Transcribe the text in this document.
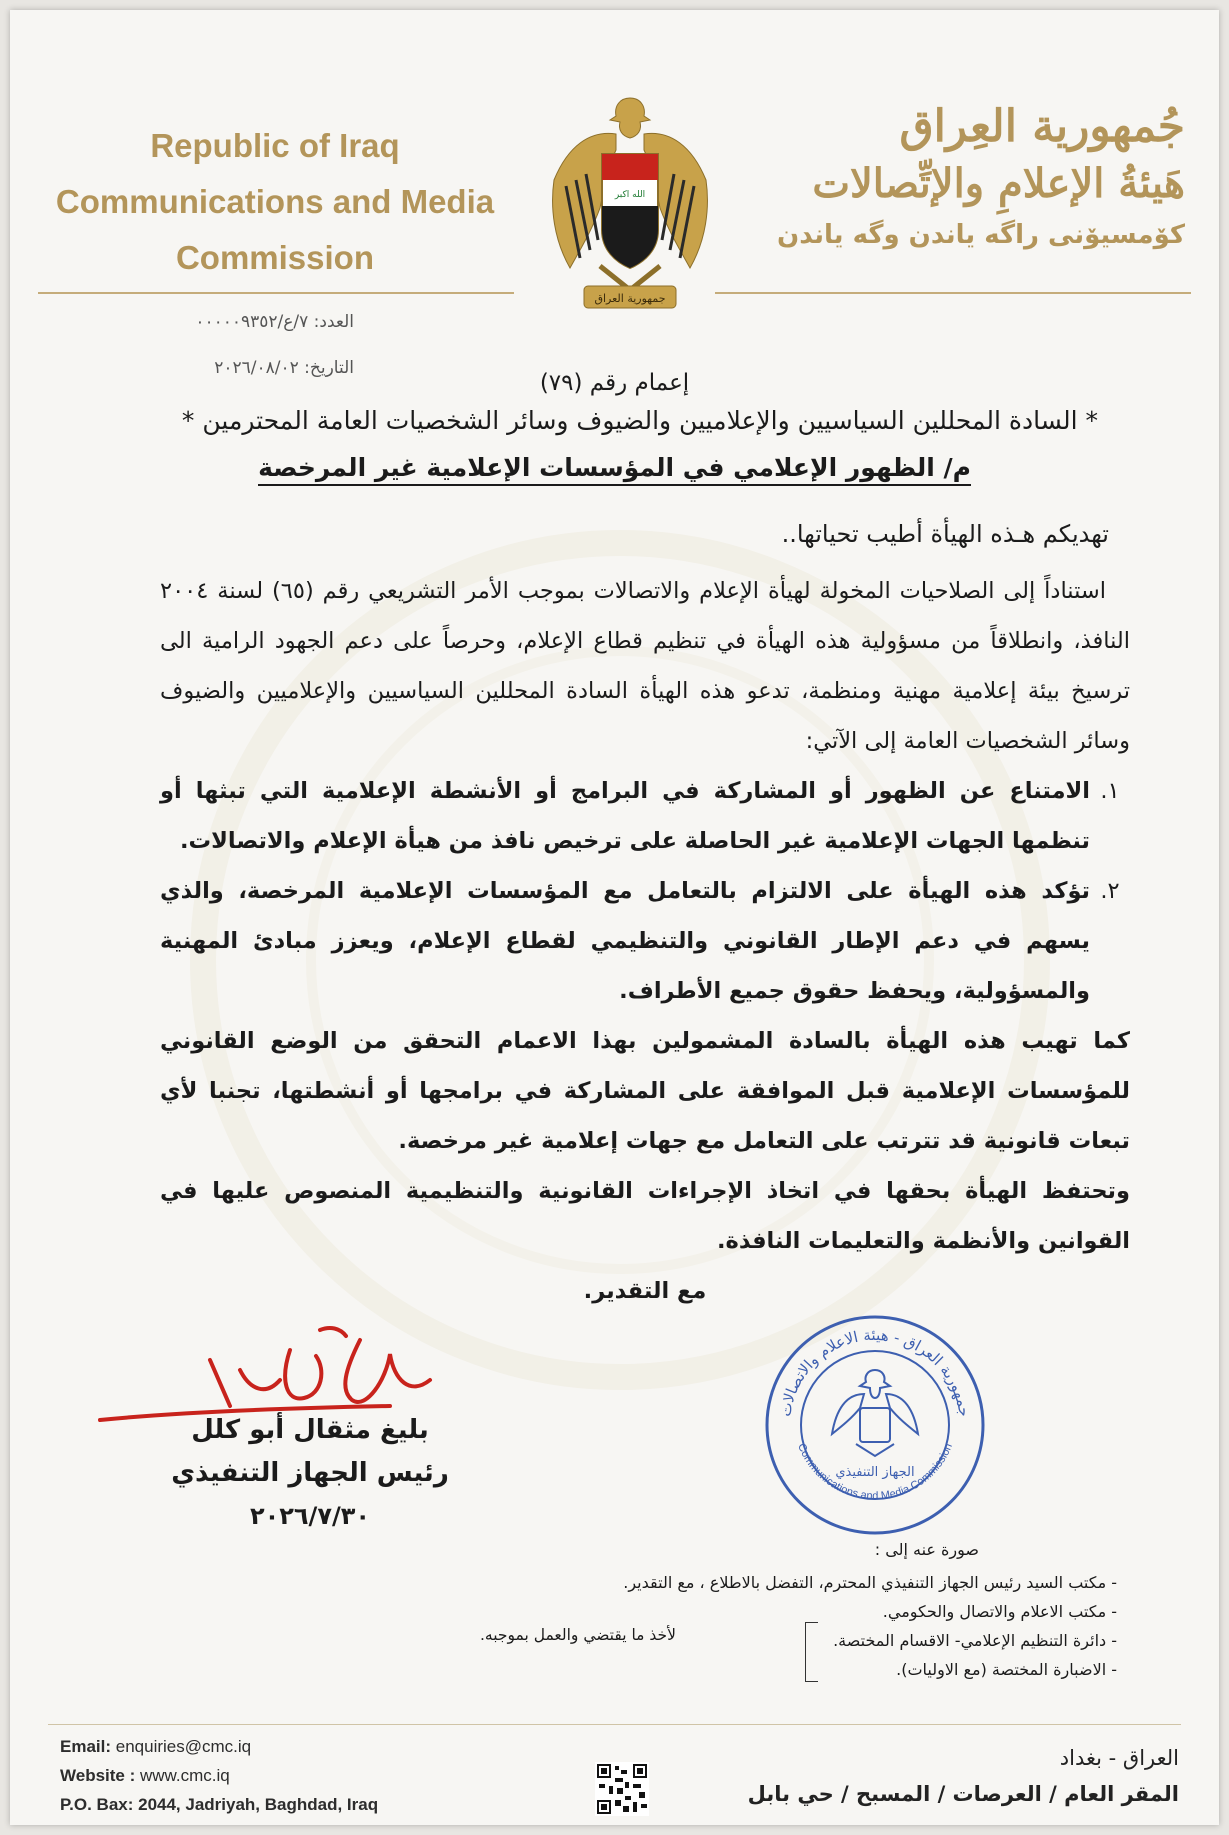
Republic of Iraq
Communications and Media
Commission
الله اكبر
جمهورية العراق
جُمهورية العِراق
هَيئةُ الإعلامِ والإتِّصالات
کۆمسیۆنی راگە یاندن وگە یاندن
العدد: ٧/ع/٠٠٠٠٠٩٣٥٢
التاريخ: ٢٠٢٦/٠٨/٠٢
إعمام رقم (٧٩)
* السادة المحللين السياسيين والإعلاميين والضيوف وسائر الشخصيات العامة المحترمين *
م/ الظهور الإعلامي في المؤسسات الإعلامية غير المرخصة
تهديكم هـذه الهيأة أطيب تحياتها..

استناداً إلى الصلاحيات المخولة لهيأة الإعلام والاتصالات بموجب الأمر التشريعي رقم (٦٥) لسنة ٢٠٠٤ النافذ، وانطلاقاً من مسؤولية هذه الهيأة في تنظيم قطاع الإعلام، وحرصاً على دعم الجهود الرامية الى ترسيخ بيئة إعلامية مهنية ومنظمة، تدعو هذه الهيأة السادة المحللين السياسيين والإعلاميين والضيوف وسائر الشخصيات العامة إلى الآتي:

١.
الامتناع عن الظهور أو المشاركة في البرامج أو الأنشطة الإعلامية التي تبثها أو تنظمها الجهات الإعلامية غير الحاصلة على ترخيص نافذ من هيأة الإعلام والاتصالات.
٢.
تؤكد هذه الهيأة على الالتزام بالتعامل مع المؤسسات الإعلامية المرخصة، والذي يسهم في دعم الإطار القانوني والتنظيمي لقطاع الإعلام، ويعزز مبادئ المهنية والمسؤولية، ويحفظ حقوق جميع الأطراف.

كما تهيب هذه الهيأة بالسادة المشمولين بهذا الاعمام التحقق من الوضع القانوني للمؤسسات الإعلامية قبل الموافقة على المشاركة في برامجها أو أنشطتها، تجنبا لأي تبعات قانونية قد تترتب على التعامل مع جهات إعلامية غير مرخصة.

وتحتفظ الهيأة بحقها في اتخاذ الإجراءات القانونية والتنظيمية المنصوص عليها في القوانين والأنظمة والتعليمات النافذة.

مع التقدير.

بليغ مثقال أبو كلل
رئيس الجهاز التنفيذي
٢٠٢٦/٧/٣٠
جمهورية العراق - هيئة الاعلام والاتصالات
Communications and Media Commission
الجهاز التنفيذي
صورة عنه إلى :
- مكتب السيد رئيس الجهاز التنفيذي المحترم، التفضل بالاطلاع ، مع التقدير.
- مكتب الاعلام والاتصال والحكومي.
- دائرة التنظيم الإعلامي- الاقسام المختصة.
- الاضبارة المختصة (مع الاوليات).
لأخذ ما يقتضي والعمل بموجبه.
Email: enquiries@cmc.iq
Website : www.cmc.iq
P.O. Bax: 2044, Jadriyah, Baghdad, Iraq
العراق - بغداد
المقر العام / العرصات / المسبح / حي بابل
